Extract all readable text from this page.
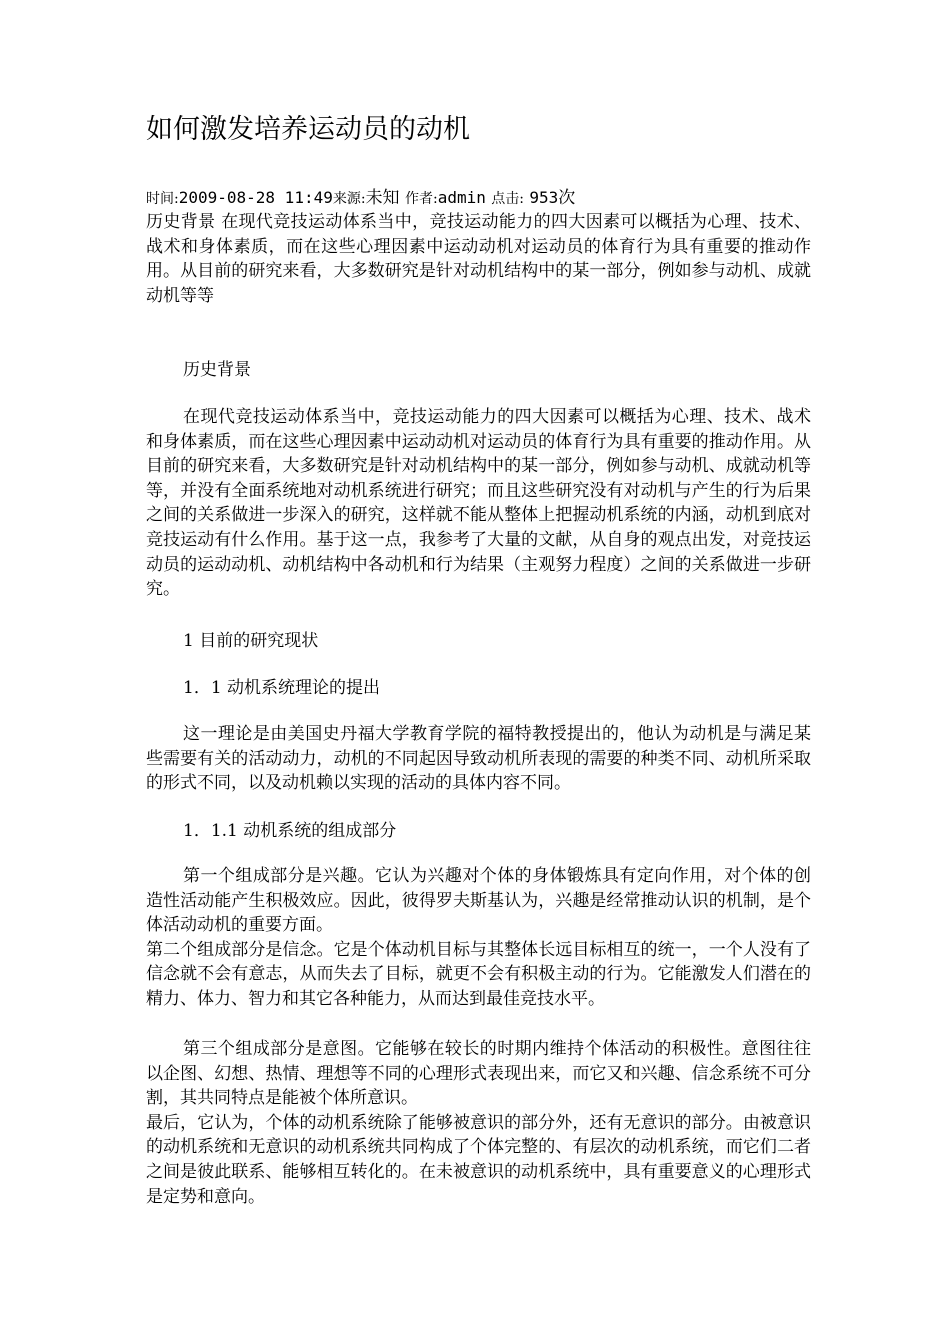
如何激发培养运动员的动机
时间:2009-08-28 11:49来源:未知 作者:admin 点击: 953次

历史背景 在现代竞技运动体系当中，竞技运动能力的四大因素可以概括为心理、技术、战术和身体素质，而在这些心理因素中运动动机对运动员的体育行为具有重要的推动作用。从目前的研究来看，大多数研究是针对动机结构中的某一部分，例如参与动机、成就动机等等

历史背景

在现代竞技运动体系当中，竞技运动能力的四大因素可以概括为心理、技术、战术和身体素质，而在这些心理因素中运动动机对运动员的体育行为具有重要的推动作用。从目前的研究来看，大多数研究是针对动机结构中的某一部分，例如参与动机、成就动机等等，并没有全面系统地对动机系统进行研究；而且这些研究没有对动机与产生的行为后果之间的关系做进一步深入的研究，这样就不能从整体上把握动机系统的内涵，动机到底对竞技运动有什么作用。基于这一点，我参考了大量的文献，从自身的观点出发，对竞技运动员的运动动机、动机结构中各动机和行为结果（主观努力程度）之间的关系做进一步研究。

1 目前的研究现状
1．1 动机系统理论的提出

这一理论是由美国史丹福大学教育学院的福特教授提出的，他认为动机是与满足某些需要有关的活动动力，动机的不同起因导致动机所表现的需要的种类不同、动机所采取的形式不同，以及动机赖以实现的活动的具体内容不同。

1．1.1 动机系统的组成部分

第一个组成部分是兴趣。它认为兴趣对个体的身体锻炼具有定向作用，对个体的创造性活动能产生积极效应。因此，彼得罗夫斯基认为，兴趣是经常推动认识的机制，是个体活动动机的重要方面。

第二个组成部分是信念。它是个体动机目标与其整体长远目标相互的统一，一个人没有了信念就不会有意志，从而失去了目标，就更不会有积极主动的行为。它能激发人们潜在的精力、体力、智力和其它各种能力，从而达到最佳竞技水平。

第三个组成部分是意图。它能够在较长的时期内维持个体活动的积极性。意图往往以企图、幻想、热情、理想等不同的心理形式表现出来，而它又和兴趣、信念系统不可分割，其共同特点是能被个体所意识。

最后，它认为，个体的动机系统除了能够被意识的部分外，还有无意识的部分。由被意识的动机系统和无意识的动机系统共同构成了个体完整的、有层次的动机系统，而它们二者之间是彼此联系、能够相互转化的。在未被意识的动机系统中，具有重要意义的心理形式是定势和意向。
